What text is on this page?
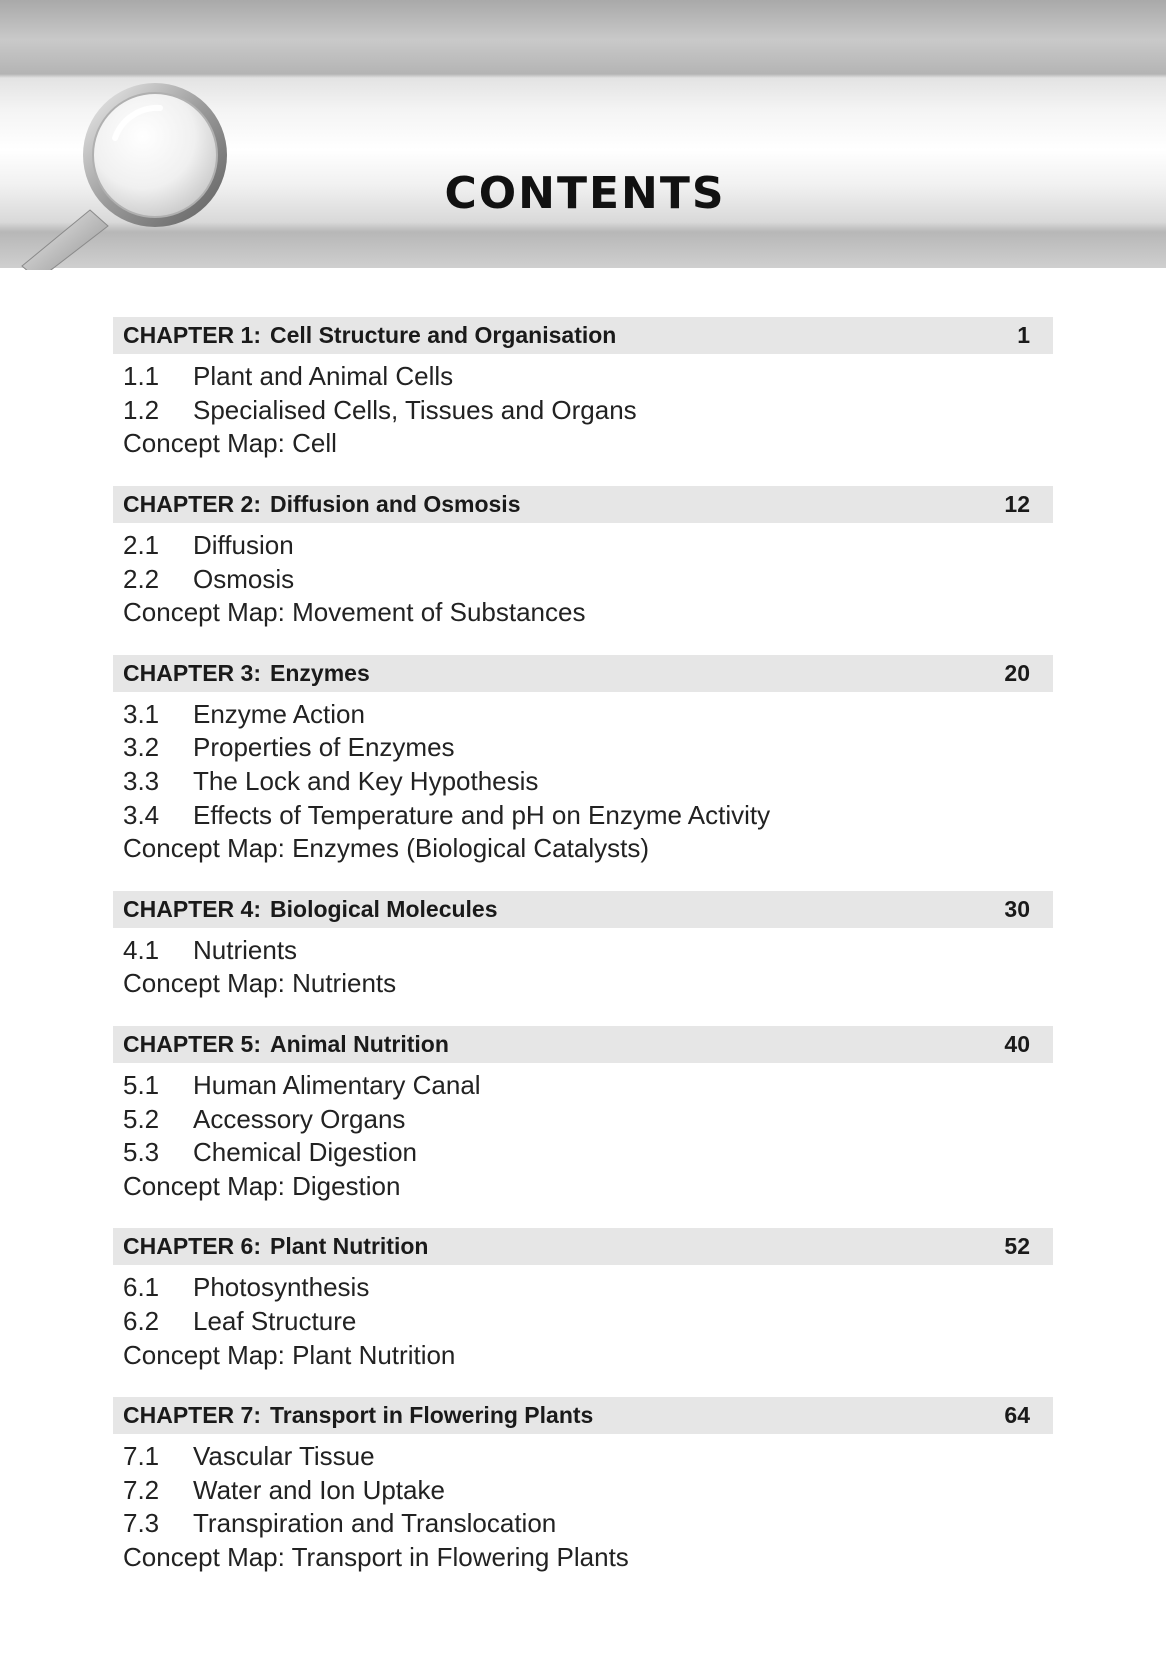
CONTENTS
CHAPTER 1: Cell Structure and Organisation	1
1.1	Plant and Animal Cells
1.2	Specialised Cells, Tissues and Organs
Concept Map: Cell
CHAPTER 2: Diffusion and Osmosis	12
2.1	Diffusion
2.2	Osmosis
Concept Map: Movement of Substances
CHAPTER 3: Enzymes	20
3.1	Enzyme Action
3.2	Properties of Enzymes
3.3	The Lock and Key Hypothesis
3.4	Effects of Temperature and pH on Enzyme Activity
Concept Map: Enzymes (Biological Catalysts)
CHAPTER 4: Biological Molecules	30
4.1	Nutrients
Concept Map: Nutrients
CHAPTER 5: Animal Nutrition	40
5.1	Human Alimentary Canal
5.2	Accessory Organs
5.3	Chemical Digestion
Concept Map: Digestion
CHAPTER 6: Plant Nutrition	52
6.1	Photosynthesis
6.2	Leaf Structure
Concept Map: Plant Nutrition
CHAPTER 7: Transport in Flowering Plants	64
7.1	Vascular Tissue
7.2	Water and Ion Uptake
7.3	Transpiration and Translocation
Concept Map: Transport in Flowering Plants
